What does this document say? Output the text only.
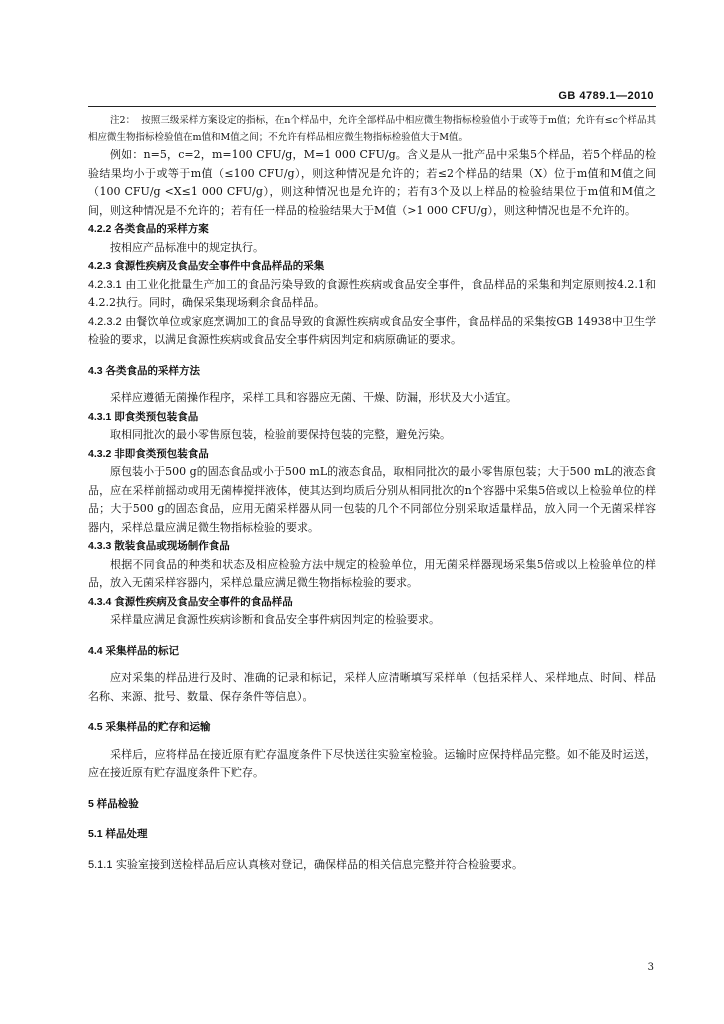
GB 4789.1—2010

注2： 按照三级采样方案设定的指标，在n个样品中，允许全部样品中相应微生物指标检验值小于或等于m值；允许有≤c个样品其相应微生物指标检验值在m值和M值之间；不允许有样品相应微生物指标检验值大于M值。

例如：n=5，c=2，m=100 CFU/g，M=1 000 CFU/g。含义是从一批产品中采集5个样品，若5个样品的检验结果均小于或等于m值（≤100 CFU/g），则这种情况是允许的；若≤2个样品的结果（X）位于m值和M值之间（100 CFU/g <X≤1 000 CFU/g），则这种情况也是允许的；若有3个及以上样品的检验结果位于m值和M值之间，则这种情况是不允许的；若有任一样品的检验结果大于M值（>1 000 CFU/g），则这种情况也是不允许的。

4.2.2 各类食品的采样方案

按相应产品标准中的规定执行。

4.2.3 食源性疾病及食品安全事件中食品样品的采集

4.2.3.1 由工业化批量生产加工的食品污染导致的食源性疾病或食品安全事件，食品样品的采集和判定原则按4.2.1和4.2.2执行。同时，确保采集现场剩余食品样品。

4.2.3.2 由餐饮单位或家庭烹调加工的食品导致的食源性疾病或食品安全事件，食品样品的采集按GB 14938中卫生学检验的要求，以满足食源性疾病或食品安全事件病因判定和病原确证的要求。

4.3 各类食品的采样方法

采样应遵循无菌操作程序，采样工具和容器应无菌、干燥、防漏，形状及大小适宜。

4.3.1 即食类预包装食品

取相同批次的最小零售原包装，检验前要保持包装的完整，避免污染。

4.3.2 非即食类预包装食品

原包装小于500 g的固态食品或小于500 mL的液态食品，取相同批次的最小零售原包装；大于500 mL的液态食品，应在采样前摇动或用无菌棒搅拌液体，使其达到均质后分别从相同批次的n个容器中采集5倍或以上检验单位的样品；大于500 g的固态食品，应用无菌采样器从同一包装的几个不同部位分别采取适量样品，放入同一个无菌采样容器内，采样总量应满足微生物指标检验的要求。

4.3.3 散装食品或现场制作食品

根据不同食品的种类和状态及相应检验方法中规定的检验单位，用无菌采样器现场采集5倍或以上检验单位的样品，放入无菌采样容器内，采样总量应满足微生物指标检验的要求。

4.3.4 食源性疾病及食品安全事件的食品样品

采样量应满足食源性疾病诊断和食品安全事件病因判定的检验要求。

4.4 采集样品的标记

应对采集的样品进行及时、准确的记录和标记，采样人应清晰填写采样单（包括采样人、采样地点、时间、样品名称、来源、批号、数量、保存条件等信息）。

4.5 采集样品的贮存和运输

采样后，应将样品在接近原有贮存温度条件下尽快送往实验室检验。运输时应保持样品完整。如不能及时运送，应在接近原有贮存温度条件下贮存。

5 样品检验
5.1 样品处理

5.1.1 实验室接到送检样品后应认真核对登记，确保样品的相关信息完整并符合检验要求。

3
